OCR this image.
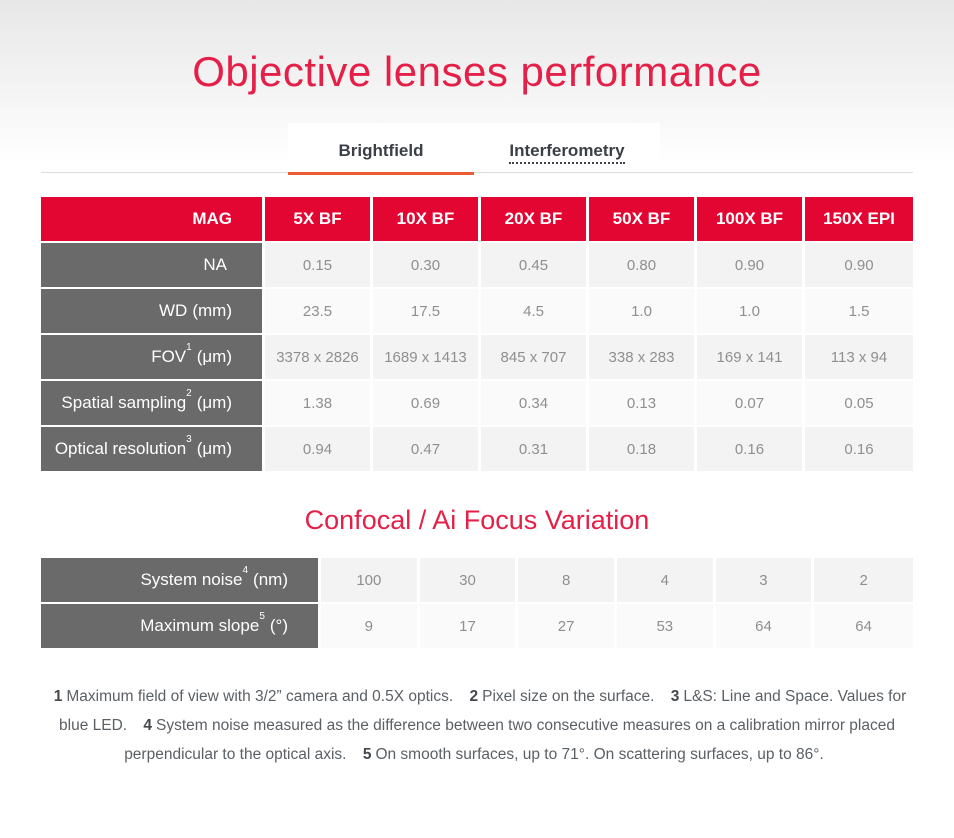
Objective lenses performance
Brightfield	Interferometry
MAG	5X BF	10X BF	20X BF	50X BF	100X BF	150X EPI
NA	0.15	0.30	0.45	0.80	0.90	0.90
WD (mm)	23.5	17.5	4.5	1.0	1.0	1.5
FOV$^1$ (μm)	3378 x 2826	1689 x 1413	845 x 707	338 x 283	169 x 141	113 x 94
Spatial sampling$^2$ (μm)	1.38	0.69	0.34	0.13	0.07	0.05
Optical resolution$^3$ (μm)	0.94	0.47	0.31	0.18	0.16	0.16
Confocal / Ai Focus Variation
System noise$^4$ (nm)	100	30	8	4	3	2
Maximum slope$^5$ (°)	9	17	27	53	64	64

1 Maximum field of view with 3/2” camera and 0.5X optics. 2 Pixel size on the surface. 3 L&S: Line and Space. Values for blue LED. 4 System noise measured as the difference between two consecutive measures on a calibration mirror placed perpendicular to the optical axis. 5 On smooth surfaces, up to 71°. On scattering surfaces, up to 86°.
